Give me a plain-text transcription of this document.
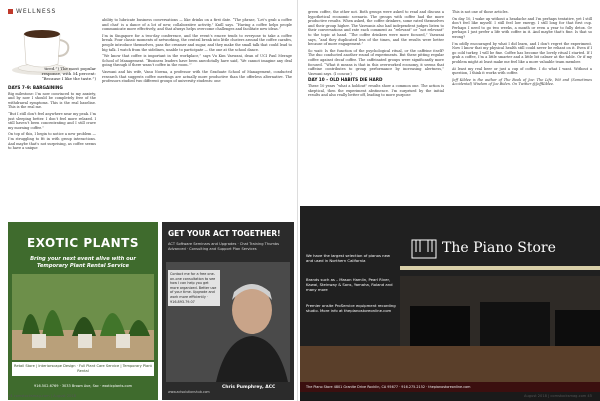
WELLNESS
tired.”) The most popular response, with 54 percent: “Because I like the taste.”)
DAYS 7–9: BARGAINING

Big milestone: I’m now convinced to my anxiety, and by now I should be completely free of the withdrawal symptoms. This is the real baseline. This is the real me.

“But I still don’t feel anywhere near my peak. I’m just sleeping better. I don’t feel more relaxed. I still haven’t been concentrating and I still crave my morning coffee.”

On top of this, I begin to notice a new problem — I’m struggling to fit in with group interactions. And maybe that’s not surprising, as coffee seems to have a unique

ability to lubricate business conversations — like drinks on a first date. “The phrase, ‘Let’s grab a coffee and chat’ is a dance of a lot of new, collaborative activity,” Knill says. “Having a coffee helps people communicate more effectively, and that always helps overcome challenges and facilitate new ideas.”

I’m in Singapore for a two-day conference, and the event’s emcee tends to everyone to take a coffee break. Four classic moments of networking, the central break into little clusters around the coffee carafes, people introduce themselves, pass the creamer and sugar, and they make the small talk that could lead to big talk. I watch from the sidelines, unable to participate — the one at the school dance.

“We know that coffee is important in the workplace,” says Vu Kim Vaswani, dean of UCI Paul Merage School of Management. “Business leaders have been anecdotally have said, ‘We cannot imagine any deal going through if there wasn’t coffee in the room.’”

Vaswani and his wife, Vanu Nowna, a professor with the Graduate School of Management, conducted research that suggests coffee meetings are actually more productive than the offerless alternative. The professors studied two different groups of university students: one

EXOTIC PLANTS
Bring your next event alive with our Temporary Plant Rental Service
Retail Store | Interiorscape Design · Full Plant Care Service | Temporary Plant Rental
916.502.6769 · 3033 Brown Ave, Sac · exoticplants.com
GET YOUR ACT TOGETHER!
ACT Software Seminars and Upgrades · Chat Training Thumbs Advanced · Consulting and Support Plan Services
Contact me for a free one-on-one consultation to see how I can help you get more organized. Better use of your time. Upgrade and work more efficiently · 916.893.79.07
Chris Pumphrey, ACC
www.actsolutionshub.com
44 comstocksmag.com | August 2018

green coffee, the other not. Both groups were asked to read and discuss a hypothetical economic scenario. The groups with coffee had the more productive results. When asked, the coffee drinkers, some rated themselves and their group higher. The Vaswanis also had independent judges listen to their conversations and rate each comment as “relevant” or “not relevant” to the topic at hand. “The coffee drinkers were more focused,” Vaswani says, “and they duplicated less of the times, and the results were better because of more engagement.”

So wait: Is the function of the psychological ritual, or the caffeine itself? The duo conducted another round of experiments. But these pitting regular coffee against decaf coffee. The caffeinated groups were significantly more focused. “What it means is that in this overworked economy, it seems that caffeine contributes to group performance by increasing alertness,” Vaswani says. (I concur.)

DAY 10 – OLD HABITS DIE HARD

These 10 years “what a holdout” results show a common one. The action is skeptical, then the experiment abstinence. I’m surprised by the initial results and also really better off, leading to more purpose

This is not one of those articles.

On day 10, I wake up without a headache and I’m perhaps tentative, yet I still don’t feel like myself. I still feel low energy. I still long for that first cup. Perhaps I need to go two weeks, a month or even a year to fully detox. Or perhaps I just prefer a life with coffee in it. And maybe that’s fine. Is that so wrong?

I’m oddly encouraged by what I did learn, and I don’t regret the experiment. Now I know that my physical health still could never be reliant on it. Even if I go cold turkey, I will be fine. Coffee has become the lovely ritual I started. If I grab a coffee, I’m a little smarter and a little bit calmer at the table. Or if my problem might at least make me feel like a more valuable team member.

At least my real beer or just a cup of coffee. I do what I want. Without a question, I think it works with coffee.

Jeff Kildee is the author of The Book of Joe: The Life, Wit and (Sometimes Accidental) Wisdom of Joe Biden. On Twitter @JeffKildee.

The Piano Store
We have the largest selection of pianos new and used in Northern California
Brands such as – Mason Hamlin, Pearl River, Kawai, Steinway & Sons, Yamaha, Roland and many more
Premier onsite ProService equipment recording studio. More info at thepianostoreonline.com
The Piano Store 4801 Granite Drive Rocklin, CA 95677 · 916.275.2152 · thepianostoreonline.com
August 2018 | comstocksmag.com 45
